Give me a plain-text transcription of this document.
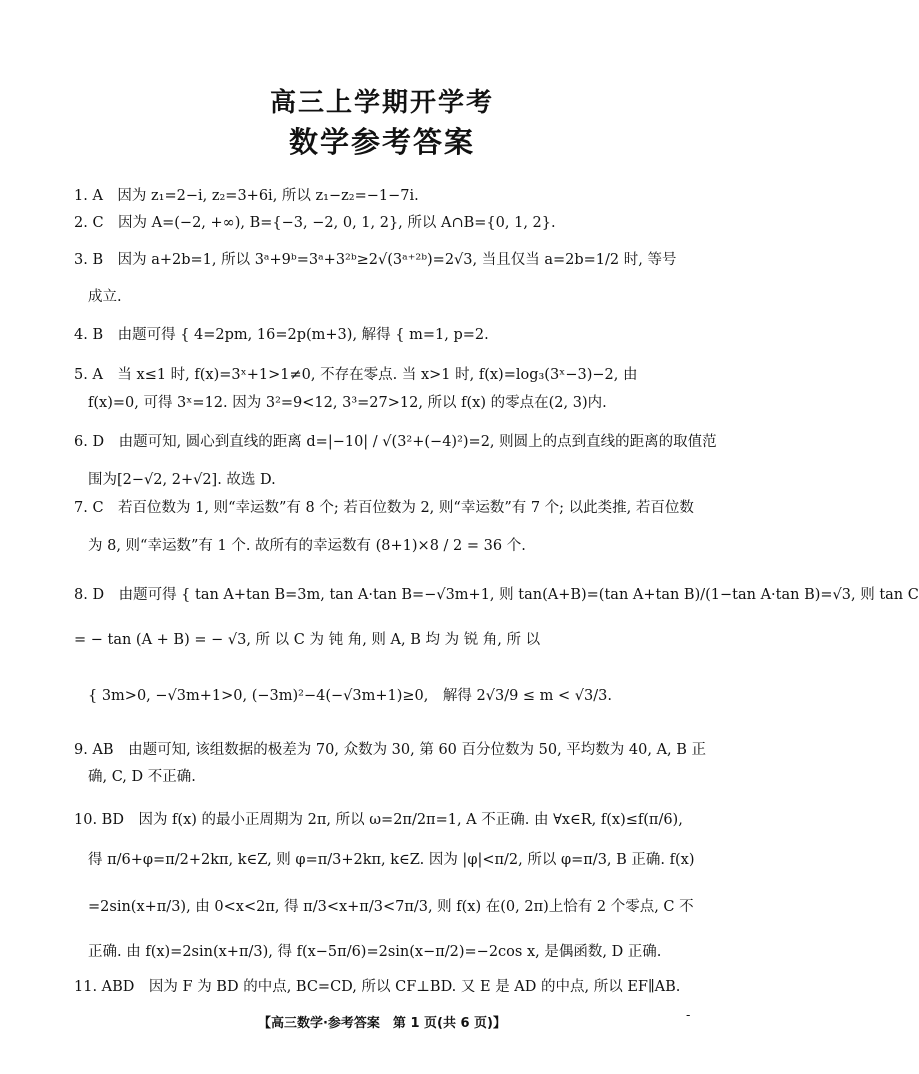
高三上学期开学考
数学参考答案
1. A　因为 z₁=2−i, z₂=3+6i, 所以 z₁−z₂=−1−7i.
2. C　因为 A=(−2, +∞), B={−3, −2, 0, 1, 2}, 所以 A∩B={0, 1, 2}.
3. B　因为 a+2b=1, 所以 3ᵃ+9ᵇ=3ᵃ+3²ᵇ≥2√(3ᵃ⁺²ᵇ)=2√3, 当且仅当 a=2b=1/2 时, 等号
成立.
4. B　由题可得 { 4=2pm, 16=2p(m+3), 解得 { m=1, p=2.
5. A　当 x≤1 时, f(x)=3ˣ+1>1≠0, 不存在零点. 当 x>1 时, f(x)=log₃(3ˣ−3)−2, 由
f(x)=0, 可得 3ˣ=12. 因为 3²=9<12, 3³=27>12, 所以 f(x) 的零点在(2, 3)内.
6. D　由题可知, 圆心到直线的距离 d=|−10| / √(3²+(−4)²)=2, 则圆上的点到直线的距离的取值范
围为[2−√2, 2+√2]. 故选 D.
7. C　若百位数为 1, 则“幸运数”有 8 个; 若百位数为 2, 则“幸运数”有 7 个; 以此类推, 若百位数
为 8, 则“幸运数”有 1 个. 故所有的幸运数有 (8+1)×8 / 2 = 36 个.
8. D　由题可得 { tan A+tan B=3m, tan A·tan B=−√3m+1, 则 tan(A+B)=(tan A+tan B)/(1−tan A·tan B)=√3, 则 tan C
= − tan (A + B) = − √3, 所 以 C 为 钝 角, 则 A, B 均 为 锐 角, 所 以
{ 3m>0, −√3m+1>0, (−3m)²−4(−√3m+1)≥0,　解得 2√3/9 ≤ m < √3/3.
9. AB　由题可知, 该组数据的极差为 70, 众数为 30, 第 60 百分位数为 50, 平均数为 40, A, B 正
确, C, D 不正确.
10. BD　因为 f(x) 的最小正周期为 2π, 所以 ω=2π/2π=1, A 不正确. 由 ∀x∈R, f(x)≤f(π/6),
得 π/6+φ=π/2+2kπ, k∈Z, 则 φ=π/3+2kπ, k∈Z. 因为 |φ|<π/2, 所以 φ=π/3, B 正确. f(x)
=2sin(x+π/3), 由 0<x<2π, 得 π/3<x+π/3<7π/3, 则 f(x) 在(0, 2π)上恰有 2 个零点, C 不
正确. 由 f(x)=2sin(x+π/3), 得 f(x−5π/6)=2sin(x−π/2)=−2cos x, 是偶函数, D 正确.
11. ABD　因为 F 为 BD 的中点, BC=CD, 所以 CF⊥BD. 又 E 是 AD 的中点, 所以 EF∥AB.
【高三数学·参考答案　第 1 页(共 6 页)】
-
